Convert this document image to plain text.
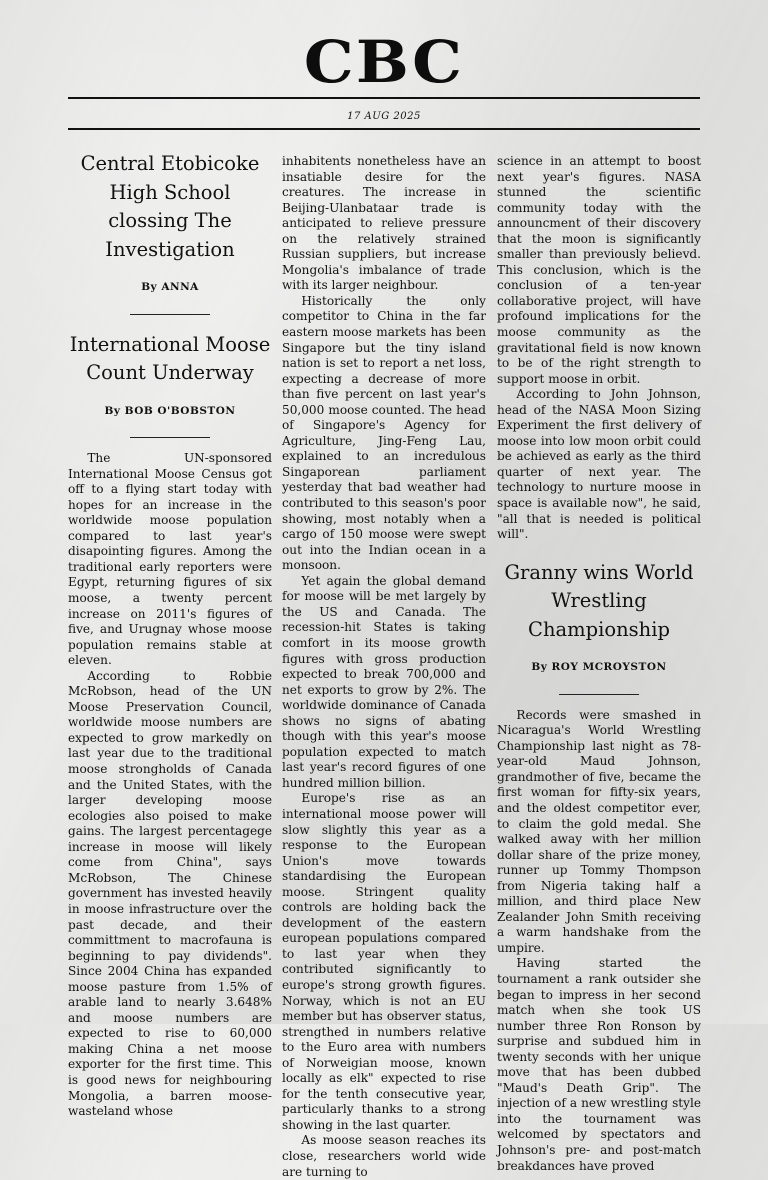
CBC
17 AUG 2025
Central Etobicoke High School clossing The Investigation
By ANNA
International Moose Count Underway
By BOB O'BOBSTON

The UN-sponsored International Moose Census got off to a flying start today with hopes for an increase in the worldwide moose population compared to last year's disapointing figures. Among the traditional early reporters were Egypt, returning figures of six moose, a twenty percent increase on 2011's figures of five, and Urugnay whose moose population remains stable at eleven.

According to Robbie McRobson, head of the UN Moose Preservation Council, worldwide moose numbers are expected to grow markedly on last year due to the traditional moose strongholds of Canada and the United States, with the larger developing moose ecologies also poised to make gains. The largest percentagege increase in moose will likely come from China", says McRobson, The Chinese government has invested heavily in moose infrastructure over the past decade, and their committment to macrofauna is beginning to pay dividends". Since 2004 China has expanded moose pasture from 1.5% of arable land to nearly 3.648% and moose numbers are expected to rise to 60,000 making China a net moose exporter for the first time. This is good news for neighbouring Mongolia, a barren moose-wasteland whose

inhabitents nonetheless have an insatiable desire for the creatures. The increase in Beijing-Ulanbataar trade is anticipated to relieve pressure on the relatively strained Russian suppliers, but increase Mongolia's imbalance of trade with its larger neighbour.

Historically the only competitor to China in the far eastern moose markets has been Singapore but the tiny island nation is set to report a net loss, expecting a decrease of more than five percent on last year's 50,000 moose counted. The head of Singapore's Agency for Agriculture, Jing-Feng Lau, explained to an incredulous Singaporean parliament yesterday that bad weather had contributed to this season's poor showing, most notably when a cargo of 150 moose were swept out into the Indian ocean in a monsoon.

Yet again the global demand for moose will be met largely by the US and Canada. The recession-hit States is taking comfort in its moose growth figures with gross production expected to break 700,000 and net exports to grow by 2%. The worldwide dominance of Canada shows no signs of abating though with this year's moose population expected to match last year's record figures of one hundred million billion.

Europe's rise as an international moose power will slow slightly this year as a response to the European Union's move towards standardising the European moose. Stringent quality controls are holding back the development of the eastern european populations compared to last year when they contributed significantly to europe's strong growth figures. Norway, which is not an EU member but has observer status, strengthed in numbers relative to the Euro area with numbers of Norweigian moose, known locally as elk" expected to rise for the tenth consecutive year, particularly thanks to a strong showing in the last quarter.

As moose season reaches its close, researchers world wide are turning to

science in an attempt to boost next year's figures. NASA stunned the scientific community today with the announcment of their discovery that the moon is significantly smaller than previously believd. This conclusion, which is the conclusion of a ten-year collaborative project, will have profound implications for the moose community as the gravitational field is now known to be of the right strength to support moose in orbit.

According to John Johnson, head of the NASA Moon Sizing Experiment the first delivery of moose into low moon orbit could be achieved as early as the third quarter of next year. The technology to nurture moose in space is available now", he said, "all that is needed is political will".

Granny wins World Wrestling Championship
By ROY MCROYSTON

Records were smashed in Nicaragua's World Wrestling Championship last night as 78-year-old Maud Johnson, grandmother of five, became the first woman for fifty-six years, and the oldest competitor ever, to claim the gold medal. She walked away with her million dollar share of the prize money, runner up Tommy Thompson from Nigeria taking half a million, and third place New Zealander John Smith receiving a warm handshake from the umpire.

Having started the tournament a rank outsider she began to impress in her second match when she took US number three Ron Ronson by surprise and subdued him in twenty seconds with her unique move that has been dubbed "Maud's Death Grip". The injection of a new wrestling style into the tournament was welcomed by spectators and Johnson's pre- and post-match breakdances have proved
